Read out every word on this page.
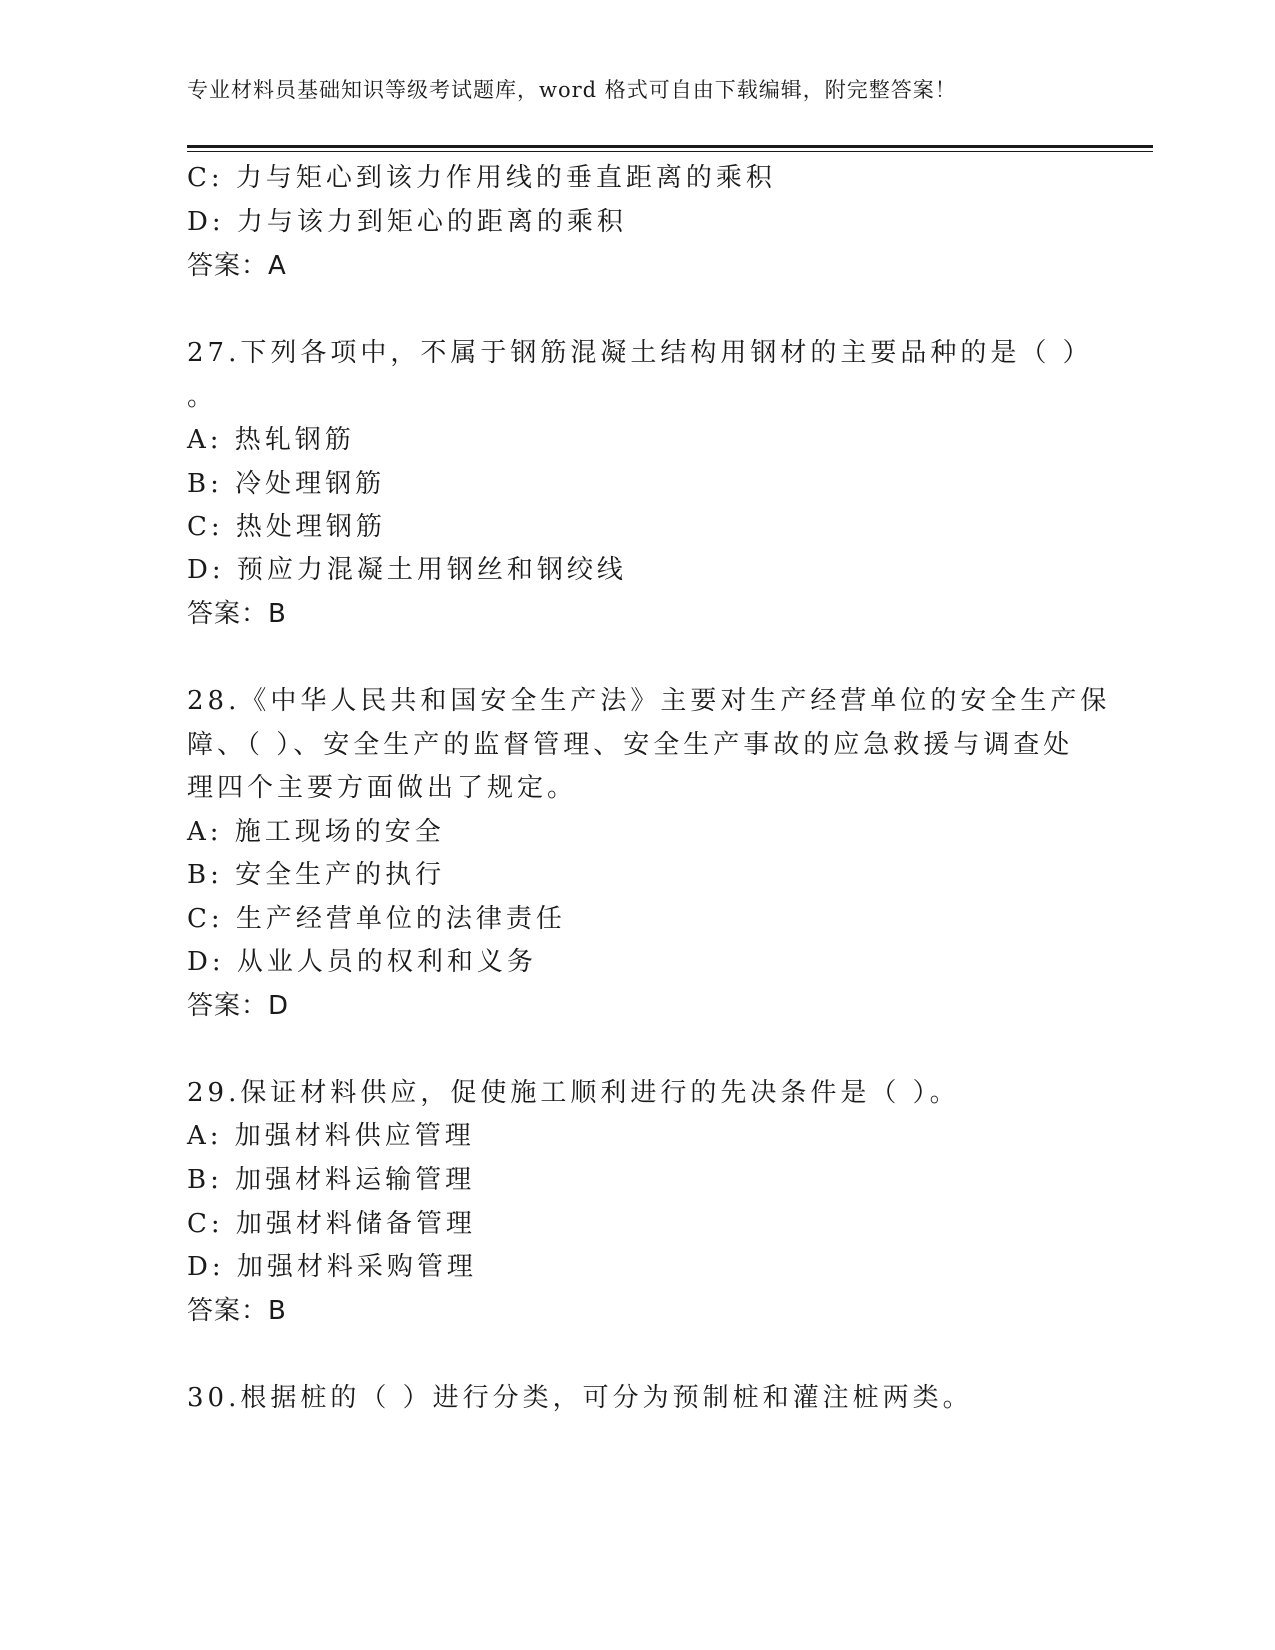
专业材料员基础知识等级考试题库，word 格式可自由下载编辑，附完整答案！
C: 力与矩心到该力作用线的垂直距离的乘积
D: 力与该力到矩心的距离的乘积
答案：A
27.下列各项中，不属于钢筋混凝土结构用钢材的主要品种的是（ ）
。
A: 热轧钢筋
B: 冷处理钢筋
C: 热处理钢筋
D: 预应力混凝土用钢丝和钢绞线
答案：B
28.《中华人民共和国安全生产法》主要对生产经营单位的安全生产保
障、（ ）、安全生产的监督管理、安全生产事故的应急救援与调查处
理四个主要方面做出了规定。
A: 施工现场的安全
B: 安全生产的执行
C: 生产经营单位的法律责任
D: 从业人员的权利和义务
答案：D
29.保证材料供应，促使施工顺利进行的先决条件是（ ）。
A: 加强材料供应管理
B: 加强材料运输管理
C: 加强材料储备管理
D: 加强材料采购管理
答案：B
30.根据桩的（ ）进行分类，可分为预制桩和灌注桩两类。
